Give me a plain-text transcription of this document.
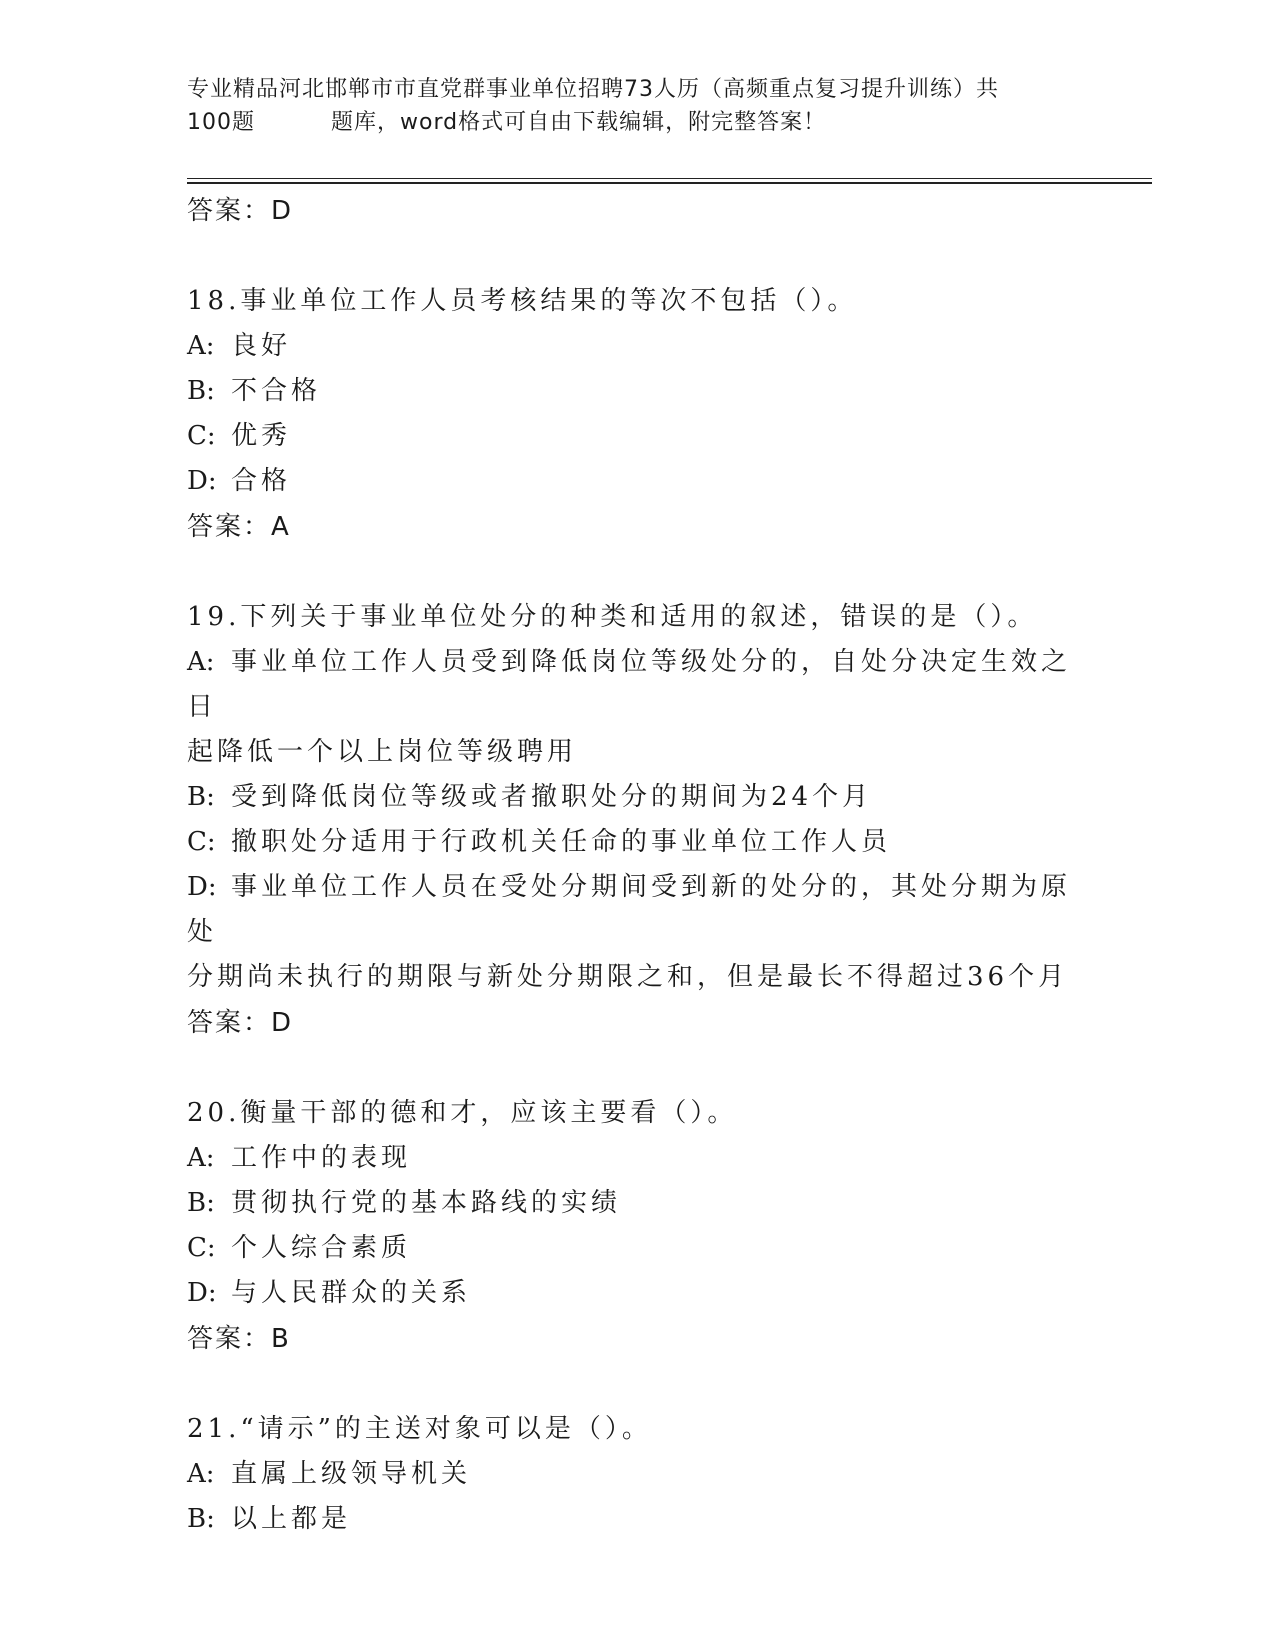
专业精品河北邯郸市市直党群事业单位招聘73人历（高频重点复习提升训练）共
100题	题库，word格式可自由下载编辑，附完整答案！
答案：D

18.事业单位工作人员考核结果的等次不包括（）。

A: 良好

B: 不合格

C: 优秀

D: 合格

答案：A

19.下列关于事业单位处分的种类和适用的叙述，错误的是（）。

A: 事业单位工作人员受到降低岗位等级处分的，自处分决定生效之日

起降低一个以上岗位等级聘用

B: 受到降低岗位等级或者撤职处分的期间为24个月

C: 撤职处分适用于行政机关任命的事业单位工作人员

D: 事业单位工作人员在受处分期间受到新的处分的，其处分期为原处

分期尚未执行的期限与新处分期限之和，但是最长不得超过36个月

答案：D

20.衡量干部的德和才，应该主要看（）。

A: 工作中的表现

B: 贯彻执行党的基本路线的实绩

C: 个人综合素质

D: 与人民群众的关系

答案：B

21.“请示”的主送对象可以是（）。

A: 直属上级领导机关

B: 以上都是
